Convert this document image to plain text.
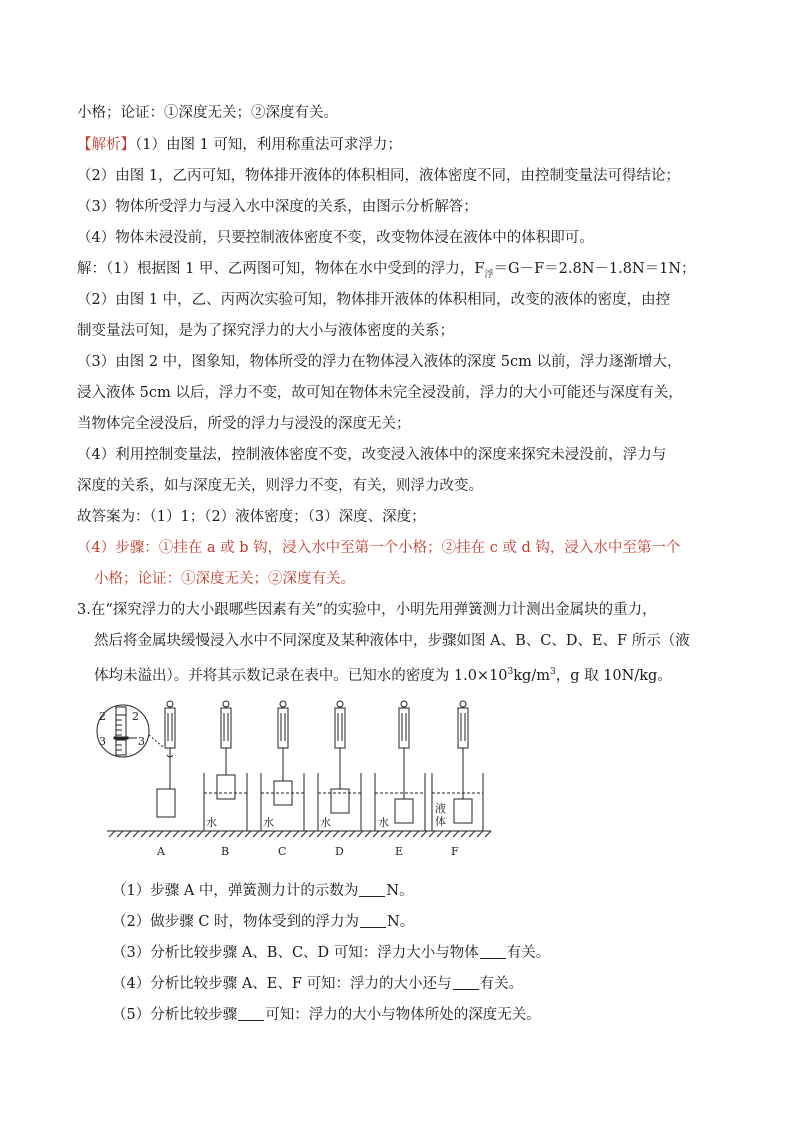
小格；论证：①深度无关；②深度有关。
【解析】（1）由图 1 可知，利用称重法可求浮力；
（2）由图 1，乙丙可知，物体排开液体的体积相同，液体密度不同，由控制变量法可得结论；
（3）物体所受浮力与浸入水中深度的关系，由图示分析解答；
（4）物体未浸没前，只要控制液体密度不变，改变物体浸在液体中的体积即可。
解：（1）根据图 1 甲、乙两图可知，物体在水中受到的浮力，$F_浮=G-F=2.8N-1.8N=1N$；
（2）由图 1 中，乙、丙两次实验可知，物体排开液体的体积相同，改变的液体的密度，由控
制变量法可知，是为了探究浮力的大小与液体密度的关系；
（3）由图 2 中，图象知，物体所受的浮力在物体浸入液体的深度 5cm 以前，浮力逐渐增大，
浸入液体 5cm 以后，浮力不变，故可知在物体未完全浸没前，浮力的大小可能还与深度有关，
当物体完全浸没后，所受的浮力与浸没的深度无关；
（4）利用控制变量法，控制液体密度不变，改变浸入液体中的深度来探究未浸没前，浮力与
深度的关系，如与深度无关，则浮力不变，有关，则浮力改变。
故答案为：（1）1；（2）液体密度；（3）深度、深度；
（4）步骤：①挂在 a 或 b 钩，浸入水中至第一个小格；②挂在 c 或 d 钩，浸入水中至第一个
小格；论证：①深度无关；②深度有关。
3.在“探究浮力的大小跟哪些因素有关”的实验中，小明先用弹簧测力计测出金属块的重力，
然后将金属块缓慢浸入水中不同深度及某种液体中，步骤如图 A、B、C、D、E、F 所示（液
体均未溢出）。并将其示数记录在表中。已知水的密度为 $1.0\times 10^3kg/m^3$，g 取 10N/kg。
2
3
2
3
水	水	水	水
液
体
A	B	C	D	E	F
（1）步骤 A 中，弹簧测力计的示数为 N。
（2）做步骤 C 时，物体受到的浮力为 N。
（3）分析比较步骤 A、B、C、D 可知：浮力大小与物体 有关。
（4）分析比较步骤 A、E、F 可知：浮力的大小还与 有关。
（5）分析比较步骤 可知：浮力的大小与物体所处的深度无关。
